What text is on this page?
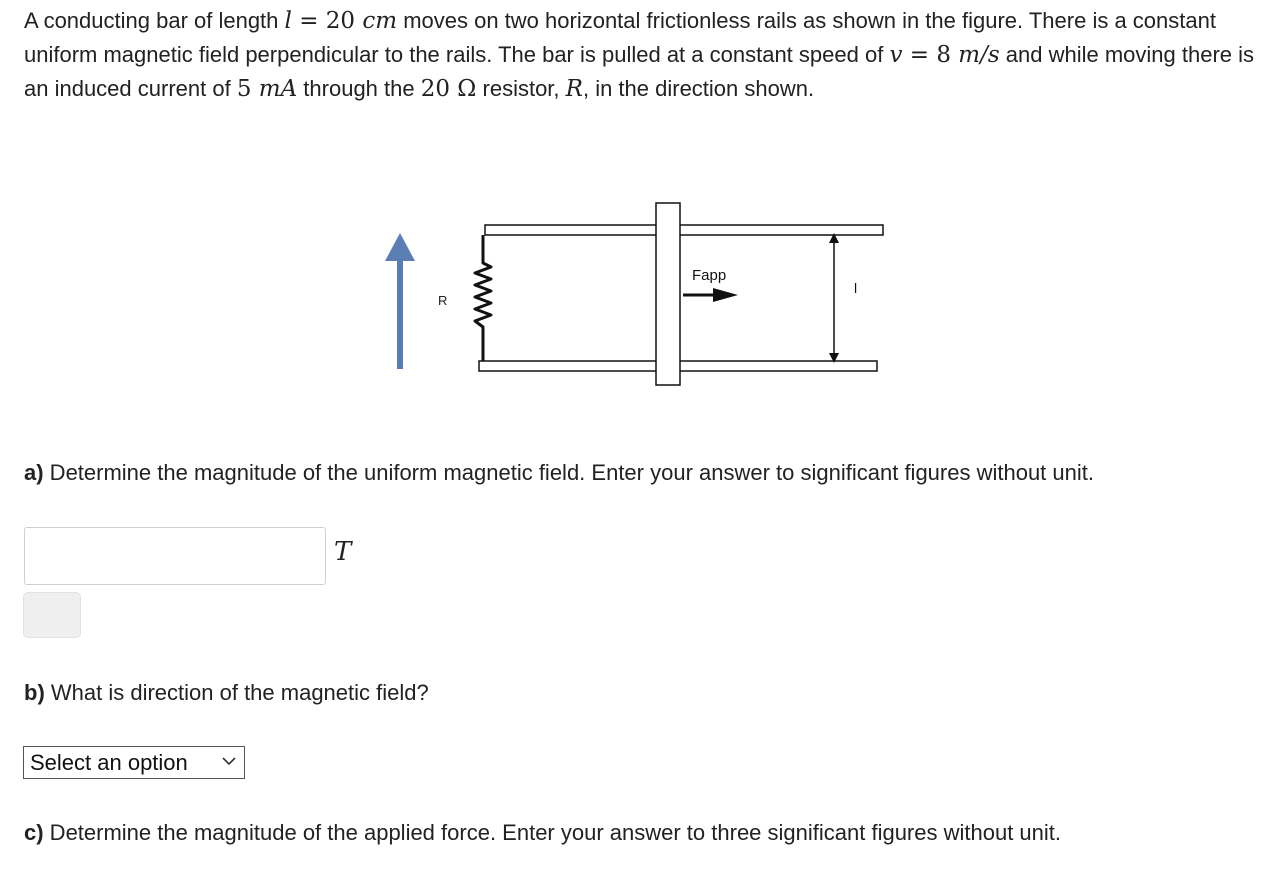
A conducting bar of length l = 20 cm moves on two horizontal frictionless rails as shown in the figure. There is a constant uniform magnetic field perpendicular to the rails. The bar is pulled at a constant speed of v = 8 m/s and while moving there is an induced current of 5 mA through the 20 Ω resistor, R, in the direction shown.

R
Fapp
l

a) Determine the magnitude of the uniform magnetic field. Enter your answer to significant figures without unit.

T

b) What is direction of the magnetic field?

Select an option

c) Determine the magnitude of the applied force. Enter your answer to three significant figures without unit.
